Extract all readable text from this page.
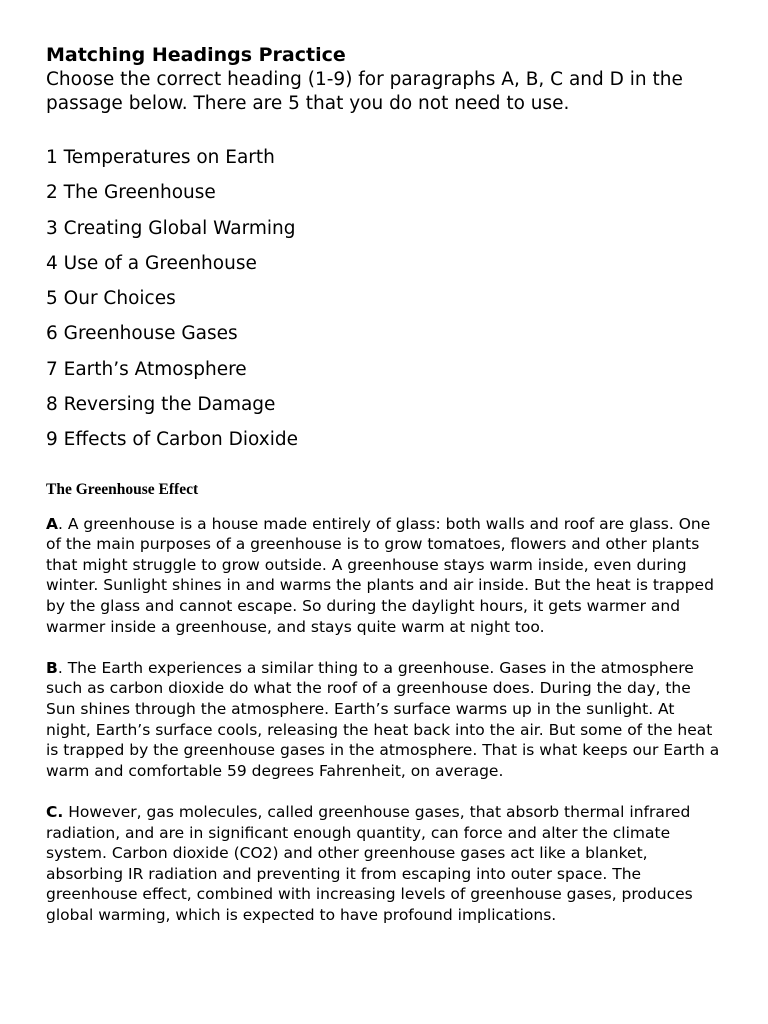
Matching Headings Practice

Choose the correct heading (1-9) for paragraphs A, B, C and D in the passage below. There are 5 that you do not need to use.

1 Temperatures on Earth
2 The Greenhouse
3 Creating Global Warming
4 Use of a Greenhouse
5 Our Choices
6 Greenhouse Gases
7 Earth’s Atmosphere
8 Reversing the Damage
9 Effects of Carbon Dioxide
The Greenhouse Effect

A. A greenhouse is a house made entirely of glass: both walls and roof are glass. One of the main purposes of a greenhouse is to grow tomatoes, flowers and other plants that might struggle to grow outside. A greenhouse stays warm inside, even during winter. Sunlight shines in and warms the plants and air inside. But the heat is trapped by the glass and cannot escape. So during the daylight hours, it gets warmer and warmer inside a greenhouse, and stays quite warm at night too.

B. The Earth experiences a similar thing to a greenhouse. Gases in the atmosphere such as carbon dioxide do what the roof of a greenhouse does. During the day, the Sun shines through the atmosphere. Earth’s surface warms up in the sunlight. At night, Earth’s surface cools, releasing the heat back into the air. But some of the heat is trapped by the greenhouse gases in the atmosphere. That is what keeps our Earth a warm and comfortable 59 degrees Fahrenheit, on average.

C. However, gas molecules, called greenhouse gases, that absorb thermal infrared radiation, and are in significant enough quantity, can force and alter the climate system. Carbon dioxide (CO2) and other greenhouse gases act like a blanket, absorbing IR radiation and preventing it from escaping into outer space. The greenhouse effect, combined with increasing levels of greenhouse gases, produces global warming, which is expected to have profound implications.
